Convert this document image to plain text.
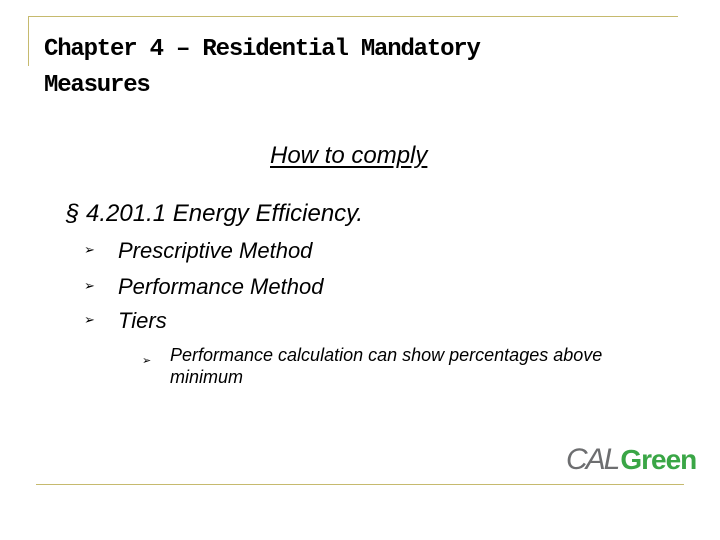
Chapter 4 – Residential Mandatory
Measures
How to comply
§ 4.201.1 Energy Efficiency.
➢ Prescriptive Method
➢ Performance Method
➢ Tiers
➢	Performance calculation can show percentages above minimum
CAL Green
